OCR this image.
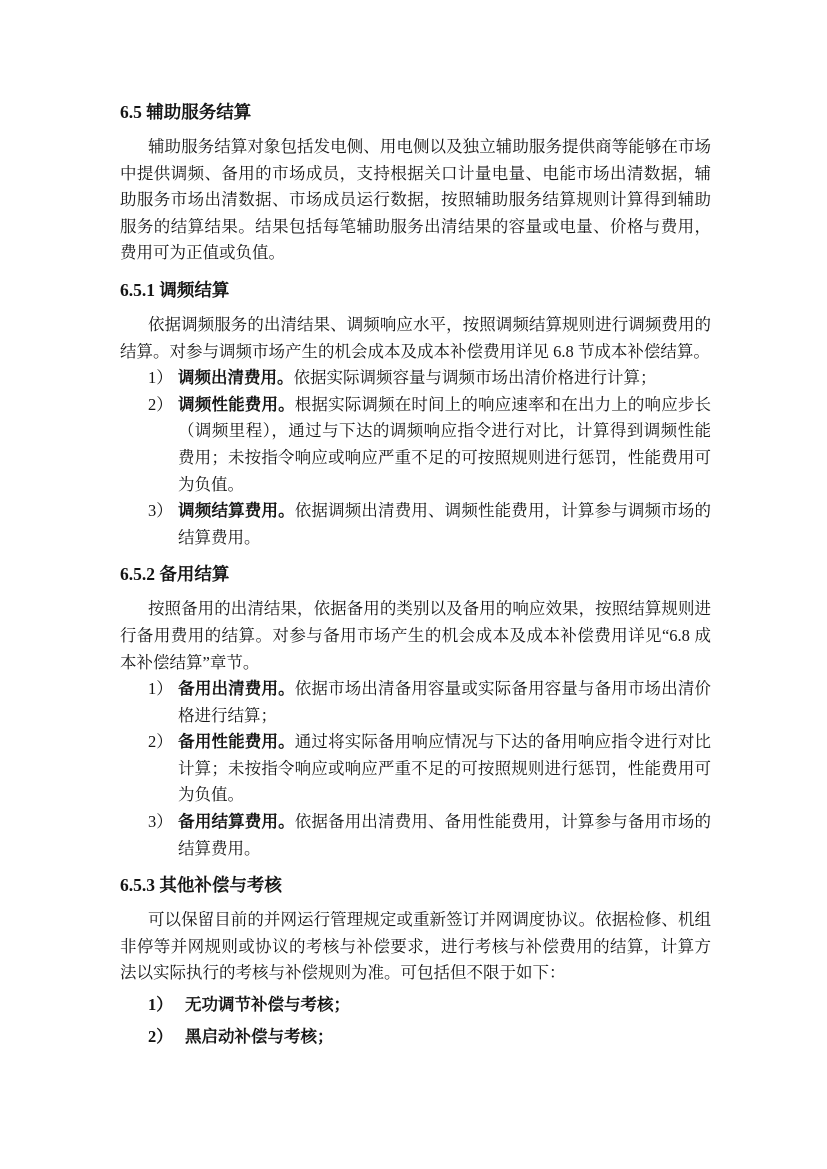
6.5 辅助服务结算

辅助服务结算对象包括发电侧、用电侧以及独立辅助服务提供商等能够在市场中提供调频、备用的市场成员，支持根据关口计量电量、电能市场出清数据，辅助服务市场出清数据、市场成员运行数据，按照辅助服务结算规则计算得到辅助服务的结算结果。结果包括每笔辅助服务出清结果的容量或电量、价格与费用，费用可为正值或负值。

6.5.1 调频结算

依据调频服务的出清结果、调频响应水平，按照调频结算规则进行调频费用的结算。对参与调频市场产生的机会成本及成本补偿费用详见 6.8 节成本补偿结算。

1） 调频出清费用。依据实际调频容量与调频市场出清价格进行计算；
2） 调频性能费用。根据实际调频在时间上的响应速率和在出力上的响应步长（调频里程），通过与下达的调频响应指令进行对比，计算得到调频性能费用；未按指令响应或响应严重不足的可按照规则进行惩罚，性能费用可为负值。
3） 调频结算费用。依据调频出清费用、调频性能费用，计算参与调频市场的结算费用。
6.5.2 备用结算

按照备用的出清结果，依据备用的类别以及备用的响应效果，按照结算规则进行备用费用的结算。对参与备用市场产生的机会成本及成本补偿费用详见“6.8 成本补偿结算”章节。

1） 备用出清费用。依据市场出清备用容量或实际备用容量与备用市场出清价格进行结算；
2） 备用性能费用。通过将实际备用响应情况与下达的备用响应指令进行对比计算；未按指令响应或响应严重不足的可按照规则进行惩罚，性能费用可为负值。
3） 备用结算费用。依据备用出清费用、备用性能费用，计算参与备用市场的结算费用。
6.5.3 其他补偿与考核

可以保留目前的并网运行管理规定或重新签订并网调度协议。依据检修、机组非停等并网规则或协议的考核与补偿要求，进行考核与补偿费用的结算，计算方法以实际执行的考核与补偿规则为准。可包括但不限于如下：

1） 无功调节补偿与考核；
2） 黑启动补偿与考核；
